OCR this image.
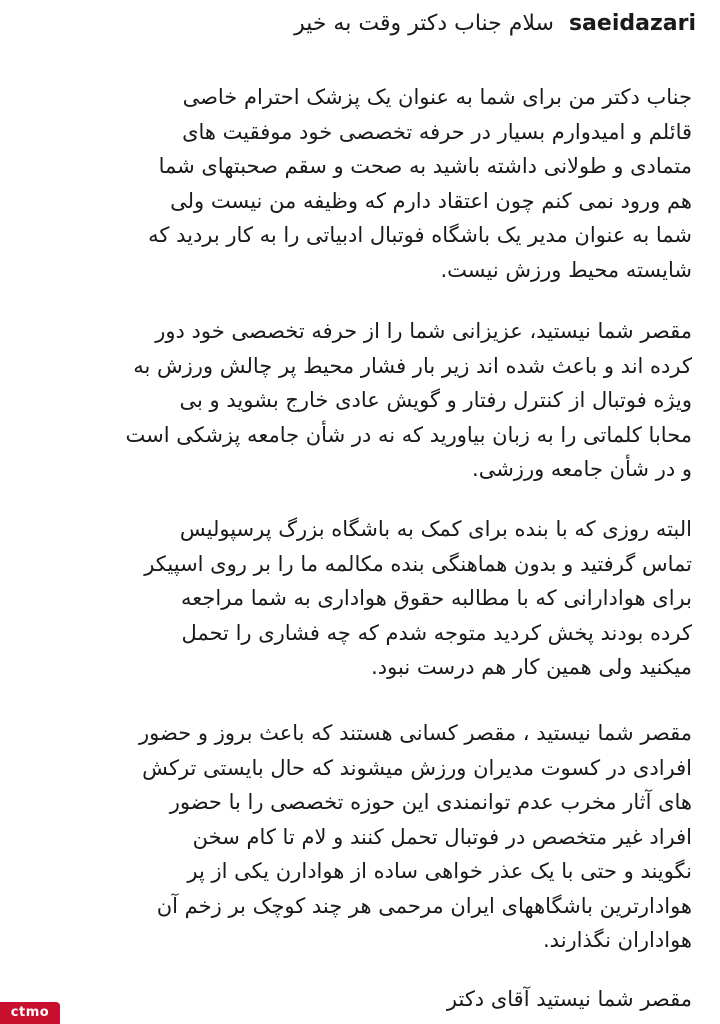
saeidazari سلام جناب دکتر وقت به خیر
جناب دکتر من برای شما به عنوان یک پزشک احترام خاصی
قائلم و امیدوارم بسیار در حرفه تخصصی خود موفقیت های
متمادی و طولانی داشته باشید به صحت و سقم صحبتهای شما
هم ورود نمی کنم چون اعتقاد دارم که وظیفه من نیست ولی
شما به عنوان مدیر یک باشگاه فوتبال ادبیاتی را به کار بردید که
شایسته محیط ورزش نیست.
مقصر شما نیستید، عزیزانی شما را از حرفه تخصصی خود دور
کرده اند و باعث شده اند زیر بار فشار محیط پر چالش ورزش به
ویژه فوتبال از کنترل رفتار و گویش عادی خارج بشوید و بی
محابا کلماتی را به زبان بیاورید که نه در شأن جامعه پزشکی است
و در شأن جامعه ورزشی.
البته روزی که با بنده برای کمک به باشگاه بزرگ پرسپولیس
تماس گرفتید و بدون هماهنگی بنده مکالمه ما را بر روی اسپیکر
برای هوادارانی که با مطالبه حقوق هواداری به شما مراجعه
کرده بودند پخش کردید متوجه شدم که چه فشاری را تحمل
میکنید ولی همین کار هم درست نبود.
مقصر شما نیستید ، مقصر کسانی هستند که باعث بروز و حضور
افرادی در کسوت مدیران ورزش میشوند که حال بایستی ترکش
های آثار مخرب عدم توانمندی این حوزه تخصصی را با حضور
افراد غیر متخصص در فوتبال تحمل کنند و لام تا کام سخن
نگویند و حتی با یک عذر خواهی ساده از هوادارن یکی از پر
هوادارترین باشگاههای ایران مرحمی هر چند کوچک بر زخم آن
هواداران نگذارند.
مقصر شما نیستید آقای دکتر
ctmo
